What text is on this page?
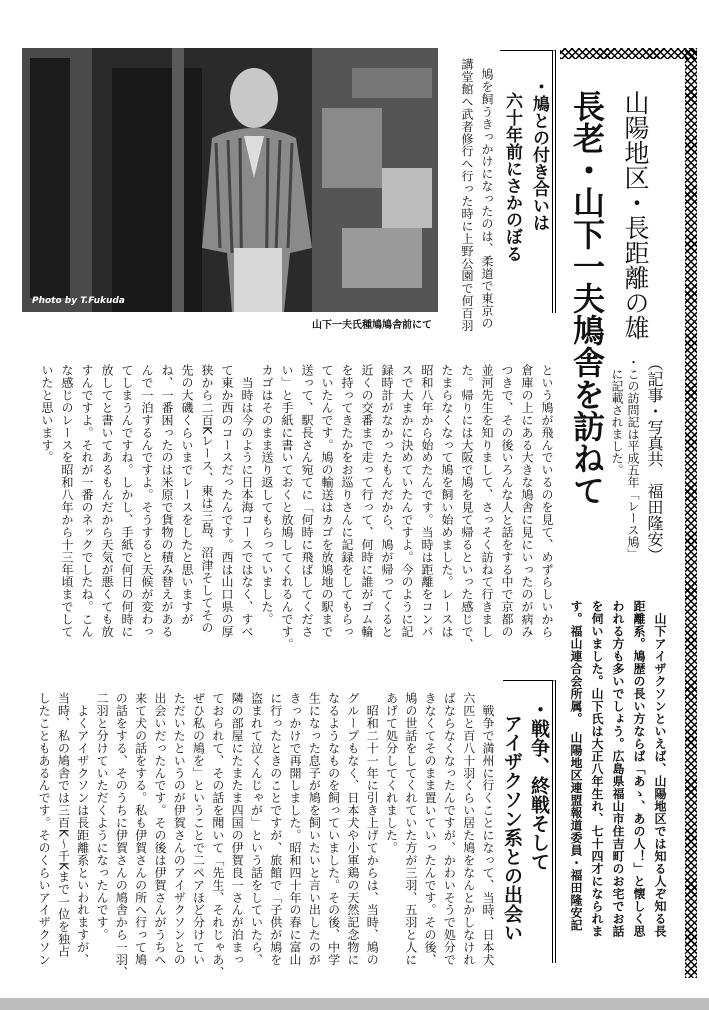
Photo by T.Fukuda
山下一夫氏種鳩鳩舎前にて	山陽地区・長距離の雄
長老・山下一夫鳩舎を訪ねて （記事・写真共　福田隆安）
・この訪問記は平成五年「レース鳩」
　に記載されました。
　山下アイザクソンといえば、山陽地区では知る人ぞ知る長
距離系。鳩歴の長い方ならば「あゝ、あの人！」と懐しく思
われる方も多いでしょう。広島県福山市住吉町のお宅でお話
を伺いました。山下氏は大正八年生れ、七十四才になられま
す。福山連合会所属。　山陽地区連盟報道委員・福田隆安記
・鳩との付き合いは
六十年前にさかのぼる
鳩を飼うきっかけになったのは、柔道で東京の
講堂館へ武者修行へ行った時に上野公園で何百羽
という鳩が飛んでいるのを見て、めずらしいから
倉庫の上にある大きな鳩舎に見にいったのが病み
つきで、その後いろんな人と話をする中で京都の
並河先生を知りまして、さっそく訪ねて行きまし
た。帰りには大阪で鳩を見て帰るといった感じで、
たまらなくなって鳩を飼い始めました。レースは
昭和八年から始めたんです。当時は距離をコンパ
スで大まかに決めていたんですよ。今のように記
録時計がなかったもんだから、鳩が帰ってくると
近くの交番まで走って行って、何時に誰がゴム輪
を持ってきたかをお巡りさんに記録をしてもらっ
ていたんです。鳩の輸送はカゴを放鳩地の駅まで
送って、駅長さん宛てに「何時に飛ばしてくださ
い」と手紙に書いておくと放鳩してくれるんです。
カゴはそのまま送り返してもらっていました。
　当時は今のように日本海コースではなく、すべ
て東か西のコースだったんです。西は山口県の厚
狭から二百Kレース、東は三島、沼津そしてその
先の大磯くらいまでレースをしたと思いますが
ね、一番困ったのは米原で貨物の積み替えがある
んで一泊するんですよ。そうすると天候が変わっ
てしまうんですね。しかし、手紙で何日の何時に
放してと書いてあるもんだから天気が悪くても放
すんですよ。それが一番のネックでしたね。こん
な感じのレースを昭和八年から十三年頃までして
いたと思います。
・戦争、終戦そして
アイザクソン系との出会い
　戦争で満州に行くことになって、当時、日本犬
六匹と百八十羽くらい居た鳩をなんとかしなけれ
ばならなくなったんですが、かわいそうで処分で
きなくてそのまま置いていったんです。その後、
鳩の世話をしてくれていた方が三羽、五羽と人に
あげて処分してくれました。
　昭和二十一年に引き上げてからは、当時、鳩の
グループもなく、日本犬や小軍鶏の天然記念物に
なるようなものを飼っていました。その後、中学
生になった息子が鳩を飼いたいと言い出したのが
きっかけで再開しました。昭和四十年の春に富山
に行ったときのことですが、旅館で「子供が鳩を
盗まれて泣くんじゃが」という話をしていたら、
隣の部屋にたまたま四国の伊賀良一さんが泊まっ
ておられて、その話を聞いて「先生、それじゃあ、
ぜひ私の鳩を」ということで二ペアほど分けてい
ただいたというのが伊賀さんのアイザクソンとの
出会いだったんです。その後は伊賀さんがうちへ
来て犬の話をする。私も伊賀さんの所へ行って鳩
の話をする、そのうちに伊賀さんの鳩舎から一羽、
二羽と分けていただくようになったんです。
　よくアイザクソンは長距離系といわれますが、
当時、私の鳩舎では三百K～千Kまで一位を独占
したこともあるんです。そのくらいアイザクソン
